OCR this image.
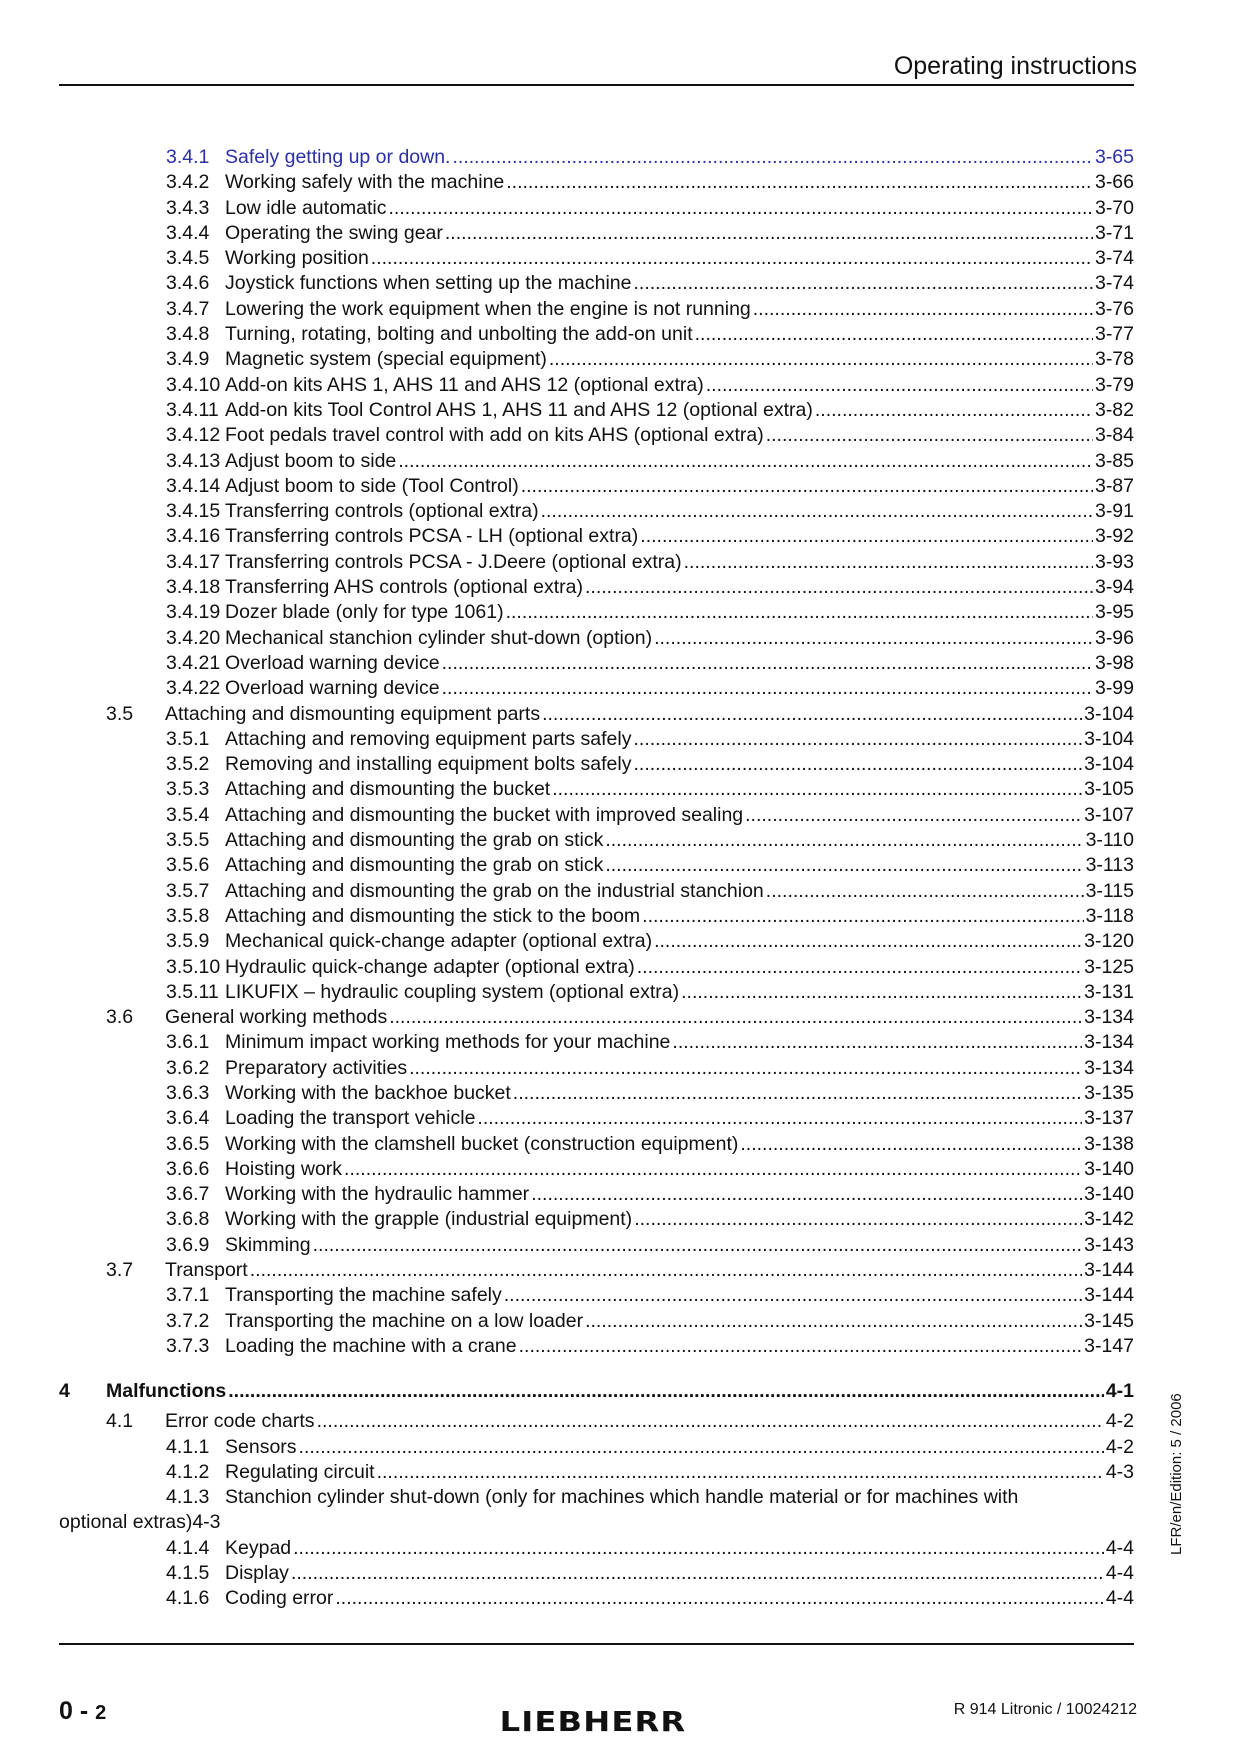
Operating instructions
3.4.1 Safely getting up or down. .....	3-65
3.4.2 Working safely with the machine .....	3-66
3.4.3 Low idle automatic .....	3-70
3.4.4 Operating the swing gear .....	3-71
3.4.5 Working position .....	3-74
3.4.6 Joystick functions when setting up the machine .....	3-74
3.4.7 Lowering the work equipment when the engine is not running .....	3-76
3.4.8 Turning, rotating, bolting and unbolting the add-on unit .....	3-77
3.4.9 Magnetic system (special equipment) .....	3-78
3.4.10 Add-on kits AHS 1, AHS 11 and AHS 12 (optional extra) .....	3-79
3.4.11 Add-on kits Tool Control AHS 1, AHS 11 and AHS 12 (optional extra) .....	3-82
3.4.12 Foot pedals travel control with add on kits AHS (optional extra) .....	3-84
3.4.13 Adjust boom to side .....	3-85
3.4.14 Adjust boom to side (Tool Control) .....	3-87
3.4.15 Transferring controls (optional extra) .....	3-91
3.4.16 Transferring controls PCSA - LH (optional extra) .....	3-92
3.4.17 Transferring controls PCSA - J.Deere (optional extra) .....	3-93
3.4.18 Transferring AHS controls (optional extra) .....	3-94
3.4.19 Dozer blade (only for type 1061) .....	3-95
3.4.20 Mechanical stanchion cylinder shut-down (option) .....	3-96
3.4.21 Overload warning device .....	3-98
3.4.22 Overload warning device .....	3-99
3.5	Attaching and dismounting equipment parts .....	3-104
3.5.1 Attaching and removing equipment parts safely .....	3-104
3.5.2 Removing and installing equipment bolts safely .....	3-104
3.5.3 Attaching and dismounting the bucket .....	3-105
3.5.4 Attaching and dismounting the bucket with improved sealing .....	3-107
3.5.5 Attaching and dismounting the grab on stick .....	3-110
3.5.6 Attaching and dismounting the grab on stick .....	3-113
3.5.7 Attaching and dismounting the grab on the industrial stanchion .....	3-115
3.5.8 Attaching and dismounting the stick to the boom .....	3-118
3.5.9 Mechanical quick-change adapter (optional extra) .....	3-120
3.5.10 Hydraulic quick-change adapter (optional extra) .....	3-125
3.5.11 LIKUFIX – hydraulic coupling system (optional extra) .....	3-131
3.6	General working methods .....	3-134
3.6.1 Minimum impact working methods for your machine .....	3-134
3.6.2 Preparatory activities .....	3-134
3.6.3 Working with the backhoe bucket .....	3-135
3.6.4 Loading the transport vehicle .....	3-137
3.6.5 Working with the clamshell bucket (construction equipment) .....	3-138
3.6.6 Hoisting work .....	3-140
3.6.7 Working with the hydraulic hammer .....	3-140
3.6.8 Working with the grapple (industrial equipment) .....	3-142
3.6.9 Skimming .....	3-143
3.7	Transport .....	3-144
3.7.1 Transporting the machine safely .....	3-144
3.7.2 Transporting the machine on a low loader .....	3-145
3.7.3 Loading the machine with a crane .....	3-147
4	Malfunctions .....	4-1
4.1	Error code charts .....	4-2
4.1.1 Sensors .....	4-2
4.1.2 Regulating circuit .....	4-3
4.1.3 Stanchion cylinder shut-down (only for machines which handle material or for machines with
optional extras)4-3
4.1.4 Keypad .....	4-4
4.1.5 Display .....	4-4
4.1.6 Coding error .....	4-4
LFR/en/Edition: 5 / 2006
0 - 2	LIEBHERR	R 914 Litronic / 10024212
